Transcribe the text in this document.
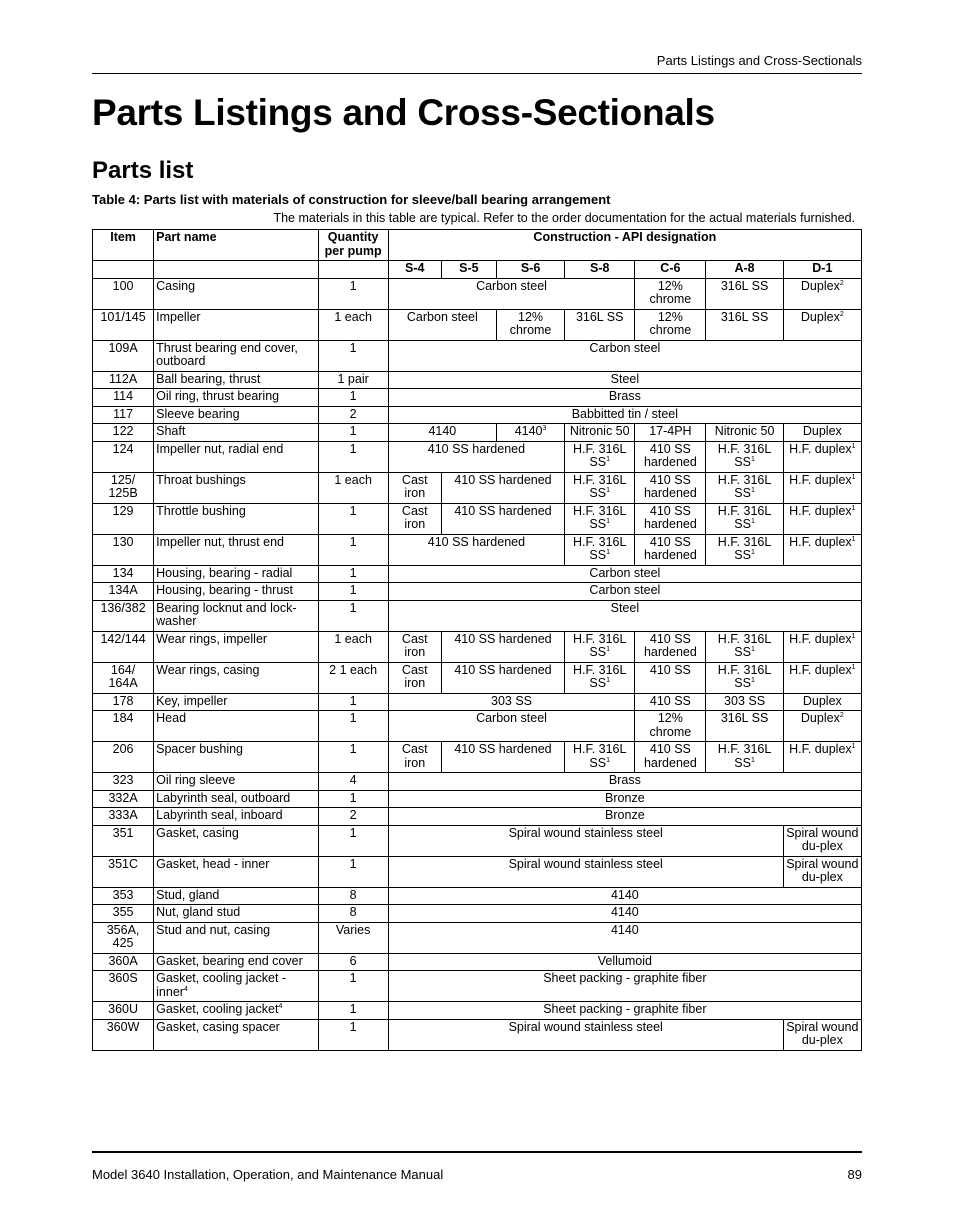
Parts Listings and Cross-Sectionals
Parts Listings and Cross-Sectionals
Parts list
Table 4: Parts list with materials of construction for sleeve/ball bearing arrangement
The materials in this table are typical. Refer to the order documentation for the actual materials furnished.
Item	Part name	Quantity per pump	Construction - API designation						
			S-4	S-5	S-6	S-8	C-6	A-8	D-1
100	Casing	1	Carbon steel				12% chrome	316L SS	Duplex$^2$
101/145	Impeller	1 each	Carbon steel		12% chrome	316L SS	12% chrome	316L SS	Duplex$^2$
109A	Thrust bearing end cover, outboard	1	Carbon steel						
112A	Ball bearing, thrust	1 pair	Steel						
114	Oil ring, thrust bearing	1	Brass						
117	Sleeve bearing	2	Babbitted tin / steel						
122	Shaft	1	4140		4140$^3$	Nitronic 50	17-4PH	Nitronic 50	Duplex
124	Impeller nut, radial end	1	410 SS hardened			H.F. 316L $SS^1$	410 SS hardened	H.F. 316L $SS^1$	H.F. duplex$^1$
125/ 125B	Throat bushings	1 each	Cast iron	410 SS hardened		H.F. 316L $SS^1$	410 SS hardened	H.F. 316L $SS^1$	H.F. duplex$^1$
129	Throttle bushing	1	Cast iron	410 SS hardened		H.F. 316L $SS^1$	410 SS hardened	H.F. 316L $SS^1$	H.F. duplex$^1$
130	Impeller nut, thrust end	1	410 SS hardened			H.F. 316L $SS^1$	410 SS hardened	H.F. 316L $SS^1$	H.F. duplex$^1$
134	Housing, bearing - radial	1	Carbon steel						
134A	Housing, bearing - thrust	1	Carbon steel						
136/382	Bearing locknut and lock-washer	1	Steel						
142/144	Wear rings, impeller	1 each	Cast iron	410 SS hardened		H.F. 316L $SS^1$	410 SS hardened	H.F. 316L $SS^1$	H.F. duplex$^1$
164/ 164A	Wear rings, casing	2 1 each	Cast iron	410 SS hardened		H.F. 316L $SS^1$	410 SS	H.F. 316L $SS^1$	H.F. duplex$^1$
178	Key, impeller	1	303 SS				410 SS	303 SS	Duplex
184	Head	1	Carbon steel				12% chrome	316L SS	Duplex$^2$
206	Spacer bushing	1	Cast iron	410 SS hardened		H.F. 316L $SS^1$	410 SS hardened	H.F. 316L $SS^1$	H.F. duplex$^1$
323	Oil ring sleeve	4	Brass						
332A	Labyrinth seal, outboard	1	Bronze						
333A	Labyrinth seal, inboard	2	Bronze						
351	Gasket, casing	1	Spiral wound stainless steel						Spiral wound du-plex
351C	Gasket, head - inner	1	Spiral wound stainless steel						Spiral wound du-plex
353	Stud, gland	8	4140						
355	Nut, gland stud	8	4140						
356A, 425	Stud and nut, casing	Varies	4140						
360A	Gasket, bearing end cover	6	Vellumoid						
360S	Gasket, cooling jacket - inner$^4$	1	Sheet packing - graphite fiber						
360U	Gasket, cooling jacket$^4$	1	Sheet packing - graphite fiber						
360W	Gasket, casing spacer	1	Spiral wound stainless steel						Spiral wound du-plex
Model 3640 Installation, Operation, and Maintenance Manual	89
